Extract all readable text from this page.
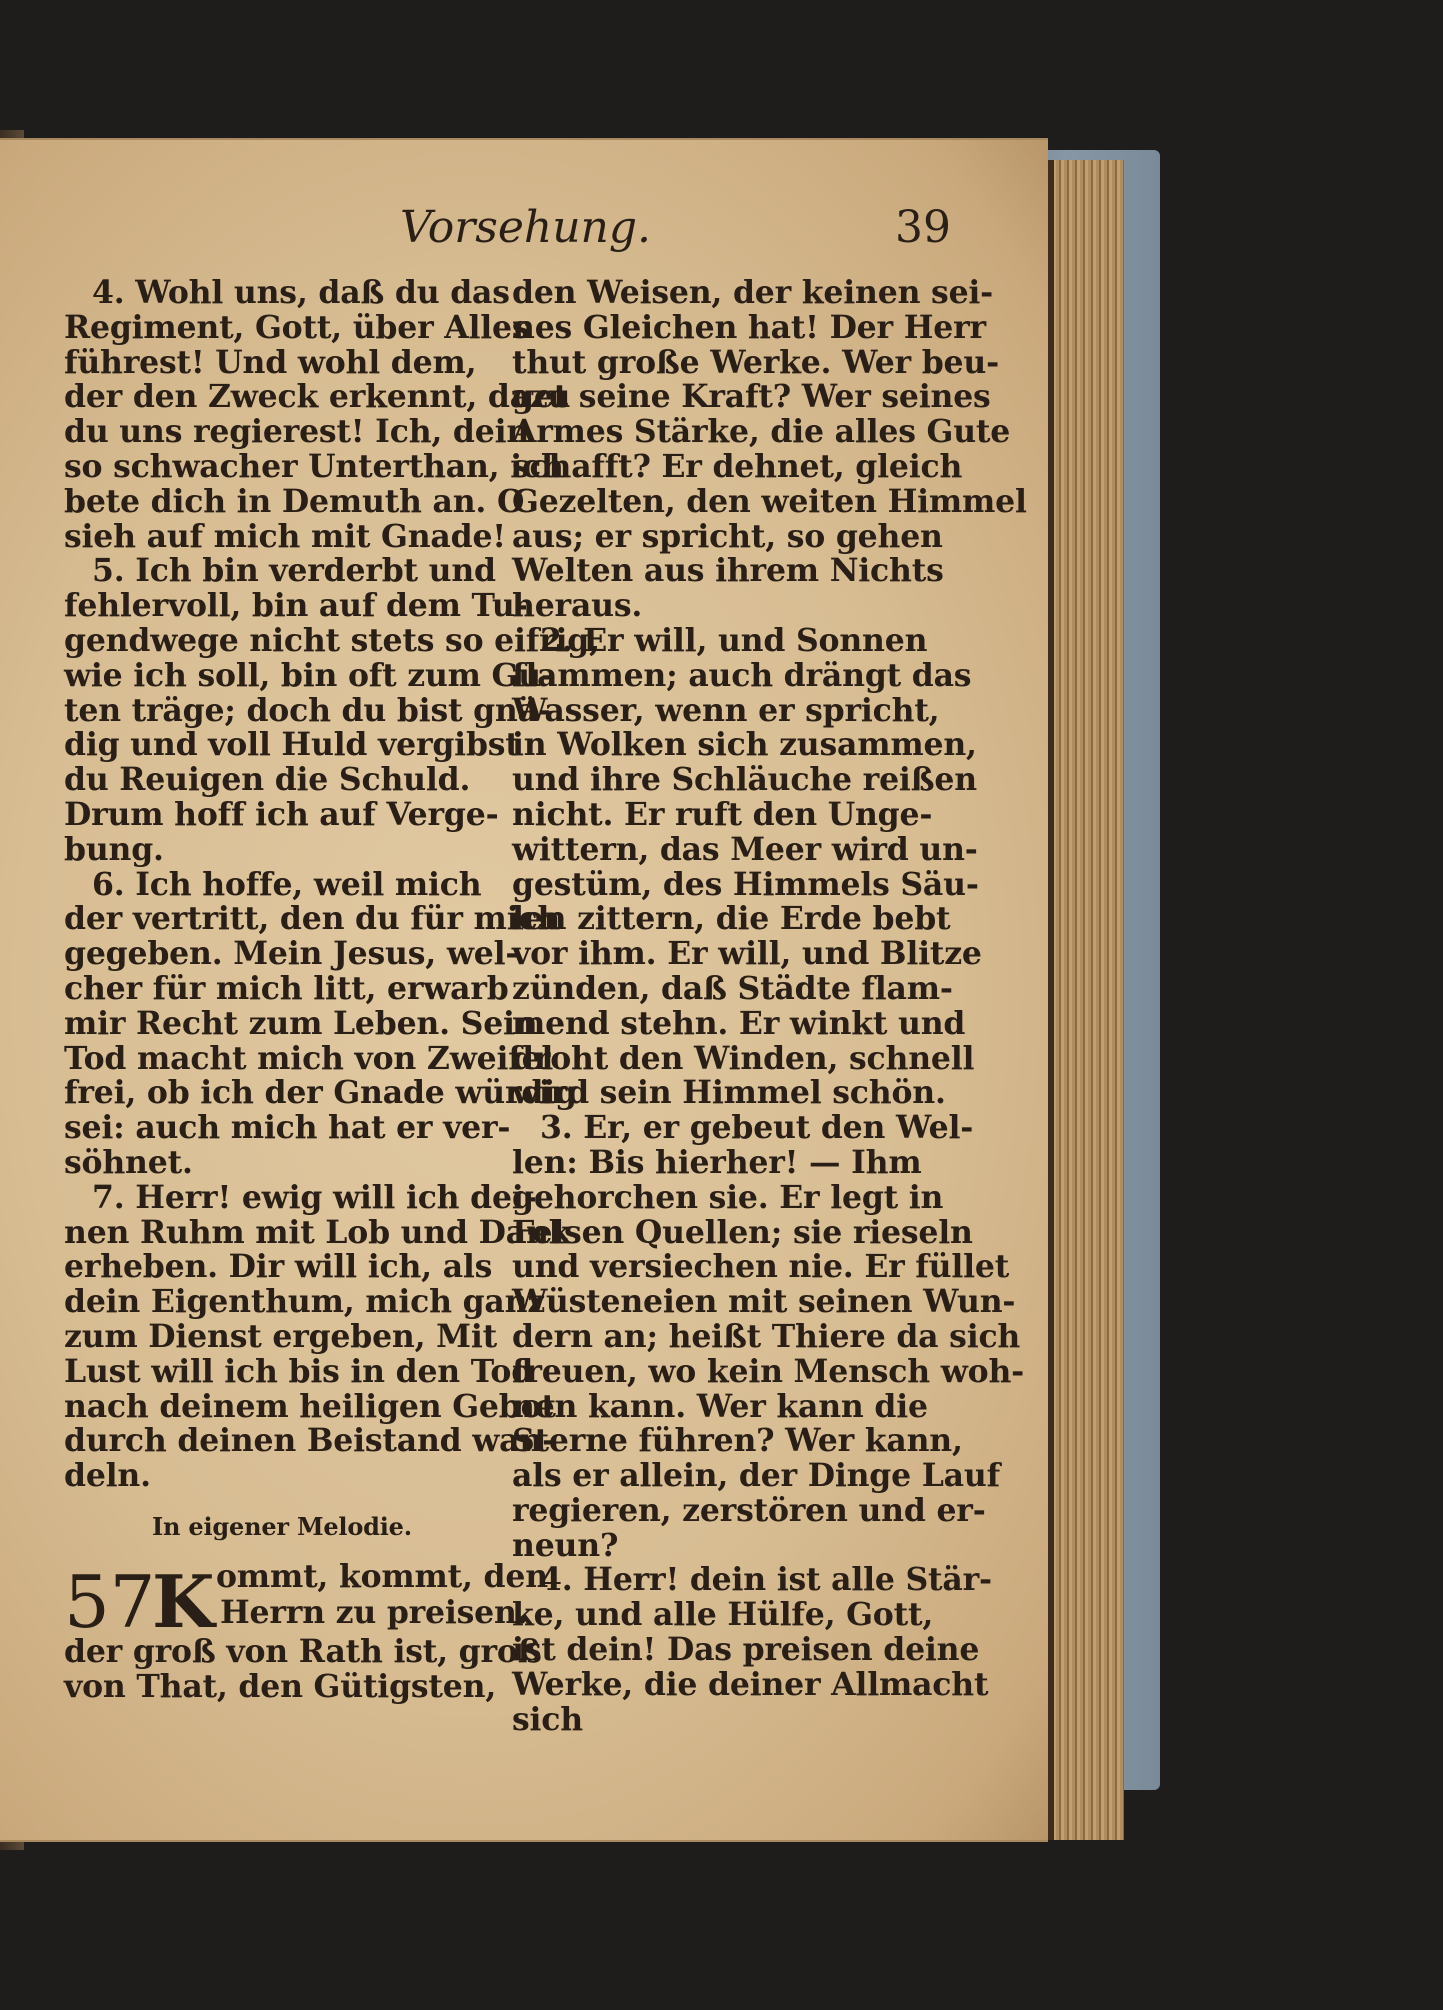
Vorsehung.	39
4. Wohl uns, daß du das
Regiment, Gott, über Alles
führest! Und wohl dem,
der den Zweck erkennt, dazu
du uns regierest! Ich, dein
so schwacher Unterthan, ich
bete dich in Demuth an. O
sieh auf mich mit Gnade!
5. Ich bin verderbt und
fehlervoll, bin auf dem Tu-
gendwege nicht stets so eifrig,
wie ich soll, bin oft zum Gu-
ten träge; doch du bist gnä-
dig und voll Huld vergibst
du Reuigen die Schuld.
Drum hoff ich auf Verge-
bung.
6. Ich hoffe, weil mich
der vertritt, den du für mich
gegeben. Mein Jesus, wel-
cher für mich litt, erwarb
mir Recht zum Leben. Sein
Tod macht mich von Zweifel
frei, ob ich der Gnade würdig
sei: auch mich hat er ver-
söhnet.
7. Herr! ewig will ich dei-
nen Ruhm mit Lob und Dank
erheben. Dir will ich, als
dein Eigenthum, mich ganz
zum Dienst ergeben, Mit
Lust will ich bis in den Tod
nach deinem heiligen Gebot
durch deinen Beistand wan-
deln.
In eigener Melodie.
57
K ommt, kommt, den
Herrn zu preisen.
der groß von Rath ist, groß
von That, den Gütigsten,
den Weisen, der keinen sei-
nes Gleichen hat! Der Herr
thut große Werke. Wer beu-
get seine Kraft? Wer seines
Armes Stärke, die alles Gute
schafft? Er dehnet, gleich
Gezelten, den weiten Himmel
aus; er spricht, so gehen
Welten aus ihrem Nichts
heraus.
2. Er will, und Sonnen
flammen; auch drängt das
Wasser, wenn er spricht,
in Wolken sich zusammen,
und ihre Schläuche reißen
nicht. Er ruft den Unge-
wittern, das Meer wird un-
gestüm, des Himmels Säu-
len zittern, die Erde bebt
vor ihm. Er will, und Blitze
zünden, daß Städte flam-
mend stehn. Er winkt und
droht den Winden, schnell
wird sein Himmel schön.
3. Er, er gebeut den Wel-
len: Bis hierher! — Ihm
gehorchen sie. Er legt in
Felsen Quellen; sie rieseln
und versiechen nie. Er füllet
Wüsteneien mit seinen Wun-
dern an; heißt Thiere da sich
freuen, wo kein Mensch woh-
nen kann. Wer kann die
Sterne führen? Wer kann,
als er allein, der Dinge Lauf
regieren, zerstören und er-
neun?
4. Herr! dein ist alle Stär-
ke, und alle Hülfe, Gott,
ist dein! Das preisen deine
Werke, die deiner Allmacht
sich
